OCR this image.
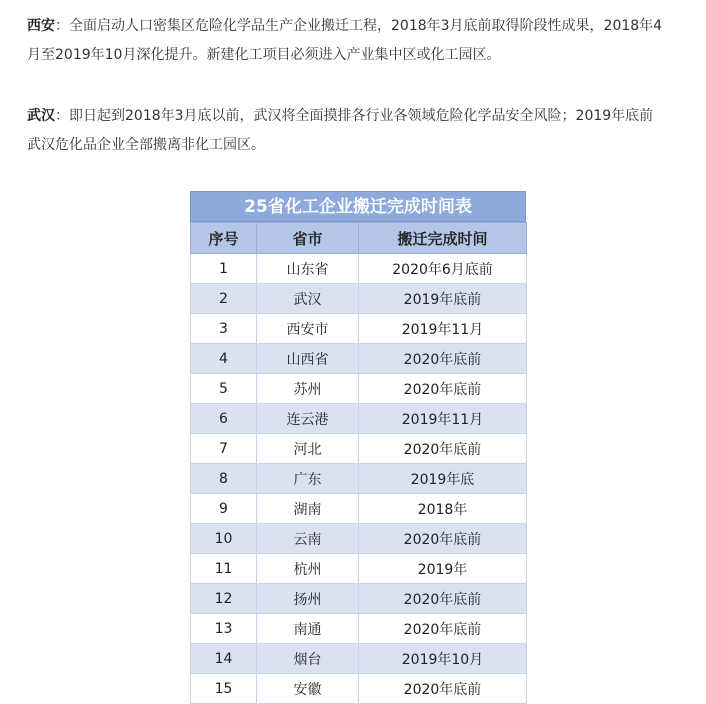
西安：全面启动人口密集区危险化学品生产企业搬迁工程，2018年3月底前取得阶段性成果，2018年4
月至2019年10月深化提升。新建化工项目必须进入产业集中区或化工园区。

武汉：即日起到2018年3月底以前，武汉将全面摸排各行业各领域危险化学品安全风险；2019年底前
武汉危化品企业全部搬离非化工园区。

25省化工企业搬迁完成时间表
序号	省市	搬迁完成时间
1	山东省	2020年6月底前
2	武汉	2019年底前
3	西安市	2019年11月
4	山西省	2020年底前
5	苏州	2020年底前
6	连云港	2019年11月
7	河北	2020年底前
8	广东	2019年底
9	湖南	2018年
10	云南	2020年底前
11	杭州	2019年
12	扬州	2020年底前
13	南通	2020年底前
14	烟台	2019年10月
15	安徽	2020年底前
